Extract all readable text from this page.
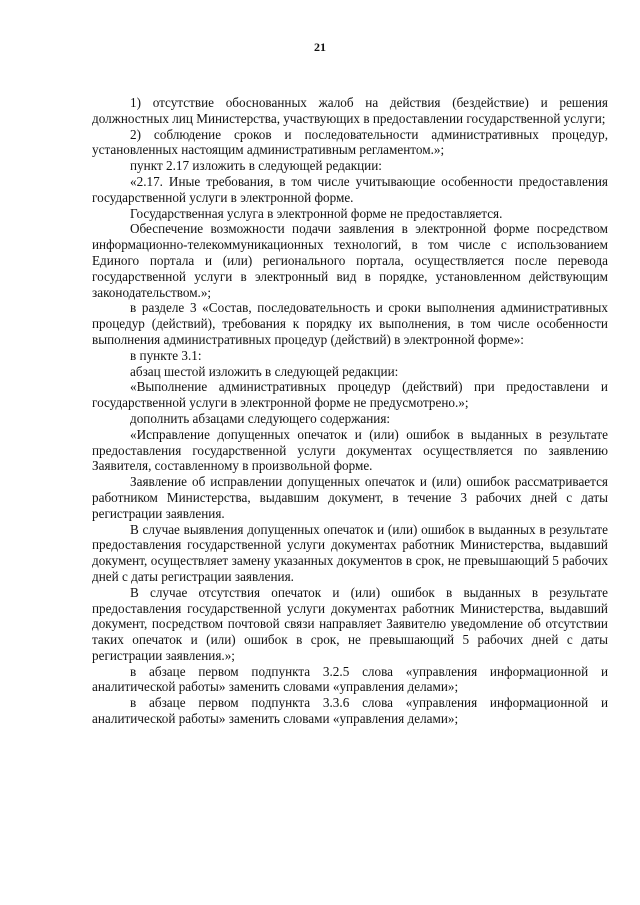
21

1) отсутствие обоснованных жалоб на действия (бездействие) и решения должностных лиц Министерства, участвующих в предоставлении государственной услуги;

2) соблюдение сроков и последовательности административных процедур, установленных настоящим административным регламентом.»;

пункт 2.17 изложить в следующей редакции:

«2.17. Иные требования, в том числе учитывающие особенности предоставления государственной услуги в электронной форме.

Государственная услуга в электронной форме не предоставляется.

Обеспечение возможности подачи заявления в электронной форме посредством информационно-телекоммуникационных технологий, в том числе с использованием Единого портала и (или) регионального портала, осуществляется после перевода государственной услуги в электронный вид в порядке, установленном действующим законодательством.»;

в разделе 3 «Состав, последовательность и сроки выполнения административных процедур (действий), требования к порядку их выполнения, в том числе особенности выполнения административных процедур (действий) в электронной форме»:

в пункте 3.1:

абзац шестой изложить в следующей редакции:

«Выполнение административных процедур (действий) при предоставлени и государственной услуги в электронной форме не предусмотрено.»;

дополнить абзацами следующего содержания:

«Исправление допущенных опечаток и (или) ошибок в выданных в результате предоставления государственной услуги документах осуществляется по заявлению Заявителя, составленному в произвольной форме.

Заявление об исправлении допущенных опечаток и (или) ошибок рассматривается работником Министерства, выдавшим документ, в течение 3 рабочих дней с даты регистрации заявления.

В случае выявления допущенных опечаток и (или) ошибок в выданных в результате предоставления государственной услуги документах работник Министерства, выдавший документ, осуществляет замену указанных документов в срок, не превышающий 5 рабочих дней с даты регистрации заявления.

В случае отсутствия опечаток и (или) ошибок в выданных в результате предоставления государственной услуги документах работник Министерства, выдавший документ, посредством почтовой связи направляет Заявителю уведомление об отсутствии таких опечаток и (или) ошибок в срок, не превышающий 5 рабочих дней с даты регистрации заявления.»;

в абзаце первом подпункта 3.2.5 слова «управления информационной и аналитической работы» заменить словами «управления делами»;

в абзаце первом подпункта 3.3.6 слова «управления информационной и аналитической работы» заменить словами «управления делами»;
